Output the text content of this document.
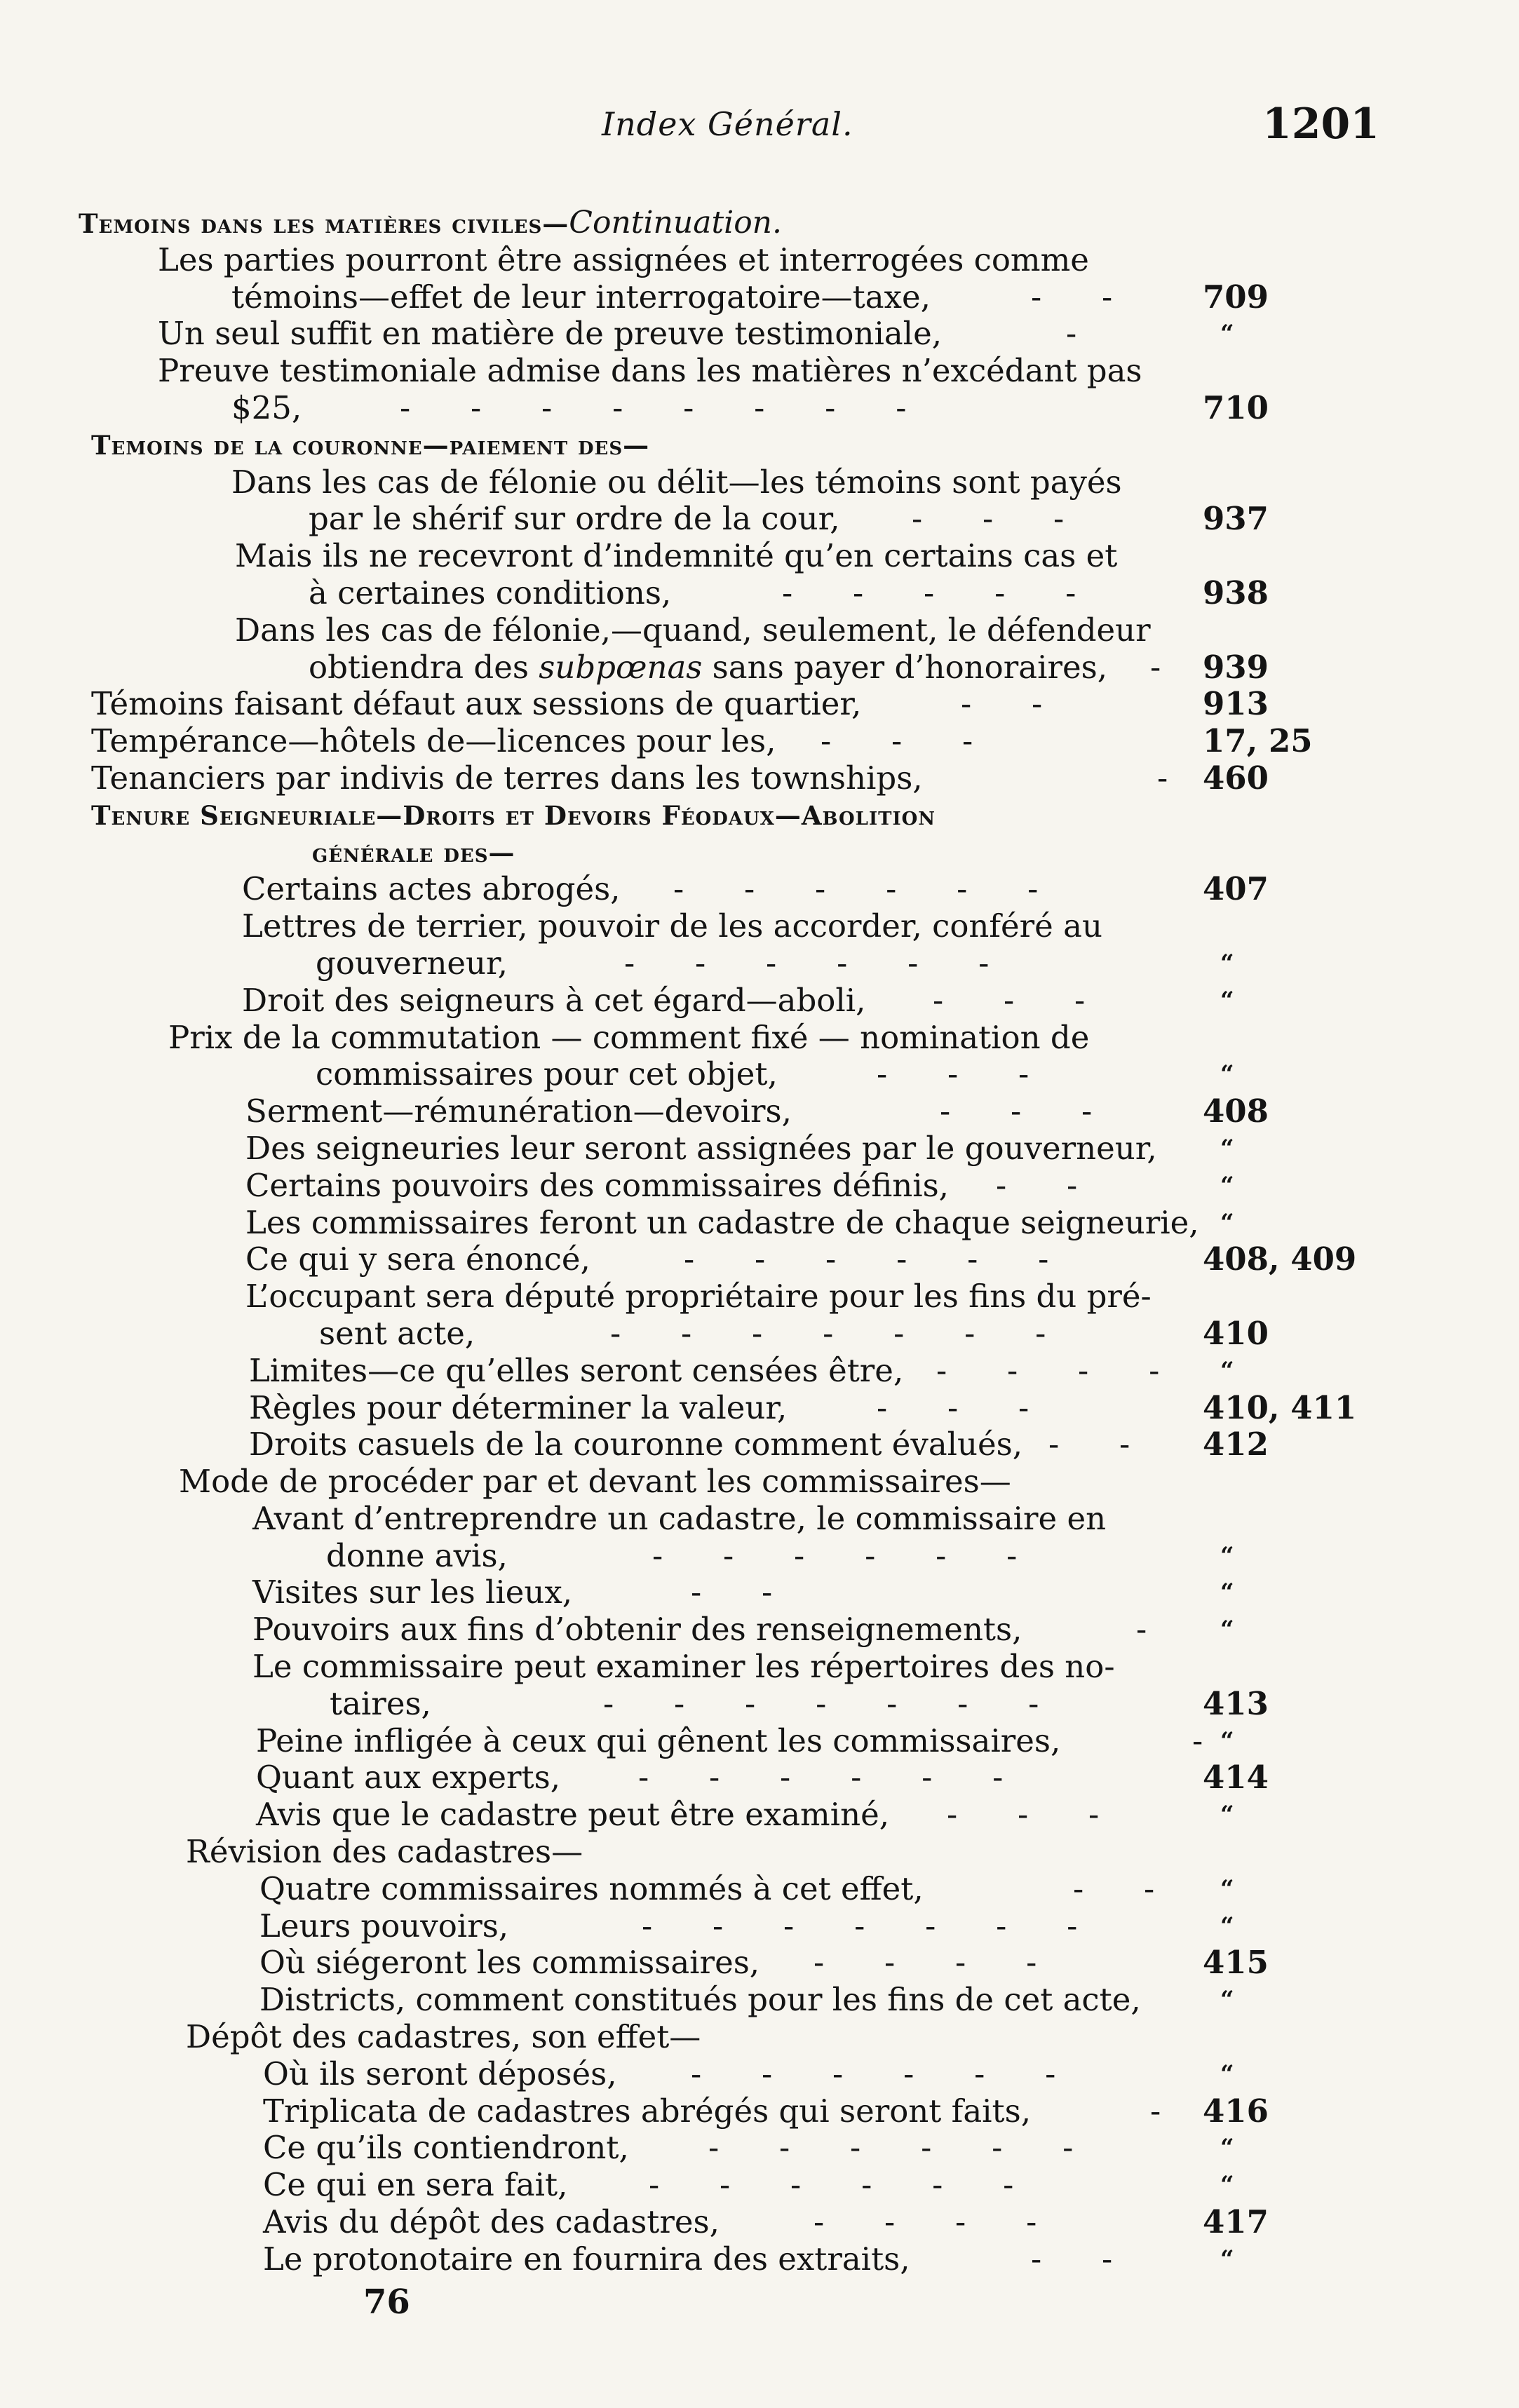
Index Général.	1201
Temoins dans les matières civiles—Continuation.
Les parties pourront être assignées et interrogées comme
témoins—effet de leur interrogatoire—taxe,	-      -	709
Un seul suffit en matière de preuve testimoniale,	-	“
Preuve testimoniale admise dans les matières n’excédant pas
$25,	-      -      -      -      -      -      -      -	710
Temoins de la couronne—paiement des—
Dans les cas de félonie ou délit—les témoins sont payés
par le shérif sur ordre de la cour, -      -      -	937
Mais ils ne recevront d’indemnité qu’en certains cas et
à certaines conditions,	-      -      -      -      -	938
Dans les cas de félonie,—quand, seulement, le défendeur
obtiendra des subpœnas sans payer d’honoraires, - 939
Témoins faisant défaut aux sessions de quartier,	-      -	913
Tempérance—hôtels de—licences pour les, -      -      -	17, 25
Tenanciers par indivis de terres dans les townships,	- 460
Tenure Seigneuriale—Droits et Devoirs Féodaux—Abolition
générale des—
Certains actes abrogés, -      -      -      -      -      -	407
Lettres de terrier, pouvoir de les accorder, conféré au
gouverneur,	-      -      -      -      -      -	“
Droit des seigneurs à cet égard—aboli, -      -      -	“
Prix de la commutation — comment fixé — nomination de
commissaires pour cet objet,	-      -      -	“
Serment—rémunération—devoirs,	-      -      -	408
Des seigneuries leur seront assignées par le gouverneur,	“
Certains pouvoirs des commissaires définis, -      -	“
Les commissaires feront un cadastre de chaque seigneurie, “
Ce qui y sera énoncé,	-      -      -      -      -      -	408, 409
L’occupant sera député propriétaire pour les fins du pré-
sent acte,	-      -      -      -      -      -      -	410
Limites—ce qu’elles seront censées être, -      -      -      -	“
Règles pour déterminer la valeur,	-      -      -	410, 411
Droits casuels de la couronne comment évalués, -      - 412
Mode de procéder par et devant les commissaires—
Avant d’entreprendre un cadastre, le commissaire en
donne avis,	-      -      -      -      -      -	“
Visites sur les lieux,	-      -	“
Pouvoirs aux fins d’obtenir des renseignements,	-	“
Le commissaire peut examiner les répertoires des no-
taires,	-      -      -      -      -      -      -	413
Peine infligée à ceux qui gênent les commissaires,	- “
Quant aux experts, -      -      -      -      -      -	414
Avis que le cadastre peut être examiné, -      -      -	“
Révision des cadastres—
Quatre commissaires nommés à cet effet,	-      -	“
Leurs pouvoirs,	-      -      -      -      -      -      -	“
Où siégeront les commissaires, -      -      -      -	415
Districts, comment constitués pour les fins de cet acte,	“
Dépôt des cadastres, son effet—
Où ils seront déposés, -      -      -      -      -      -	“
Triplicata de cadastres abrégés qui seront faits,	- 416
Ce qu’ils contiendront,	-      -      -      -      -      -	“
Ce qui en sera fait,	-      -      -      -      -      -	“
Avis du dépôt des cadastres,	-      -      -      -	417
Le protonotaire en fournira des extraits,	-      -	“
76
